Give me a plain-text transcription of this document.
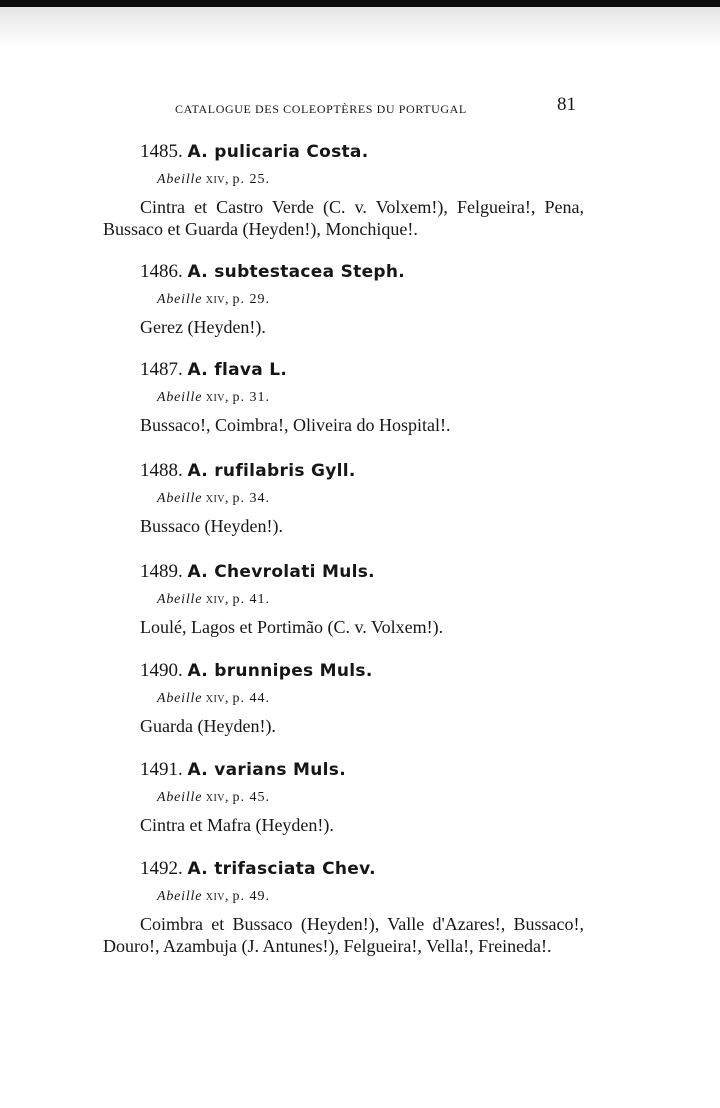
CATALOGUE DES COLEOPTÈRES DU PORTUGAL	81
1485. A. pulicaria Costa.
Abeille xiv, p. 25.
Cintra et Castro Verde (C. v. Volxem!), Felgueira!, Pena, Bussaco et Guarda (Heyden!), Monchique!.
1486. A. subtestacea Steph.
Abeille xiv, p. 29.
Gerez (Heyden!).
1487. A. flava L.
Abeille xiv, p. 31.
Bussaco!, Coimbra!, Oliveira do Hospital!.
1488. A. rufilabris Gyll.
Abeille xiv, p. 34.
Bussaco (Heyden!).
1489. A. Chevrolati Muls.
Abeille xiv, p. 41.
Loulé, Lagos et Portimão (C. v. Volxem!).
1490. A. brunnipes Muls.
Abeille xiv, p. 44.
Guarda (Heyden!).
1491. A. varians Muls.
Abeille xiv, p. 45.
Cintra et Mafra (Heyden!).
1492. A. trifasciata Chev.
Abeille xiv, p. 49.
Coimbra et Bussaco (Heyden!), Valle d'Azares!, Bussaco!, Douro!, Azambuja (J. Antunes!), Felgueira!, Vella!, Freineda!.
